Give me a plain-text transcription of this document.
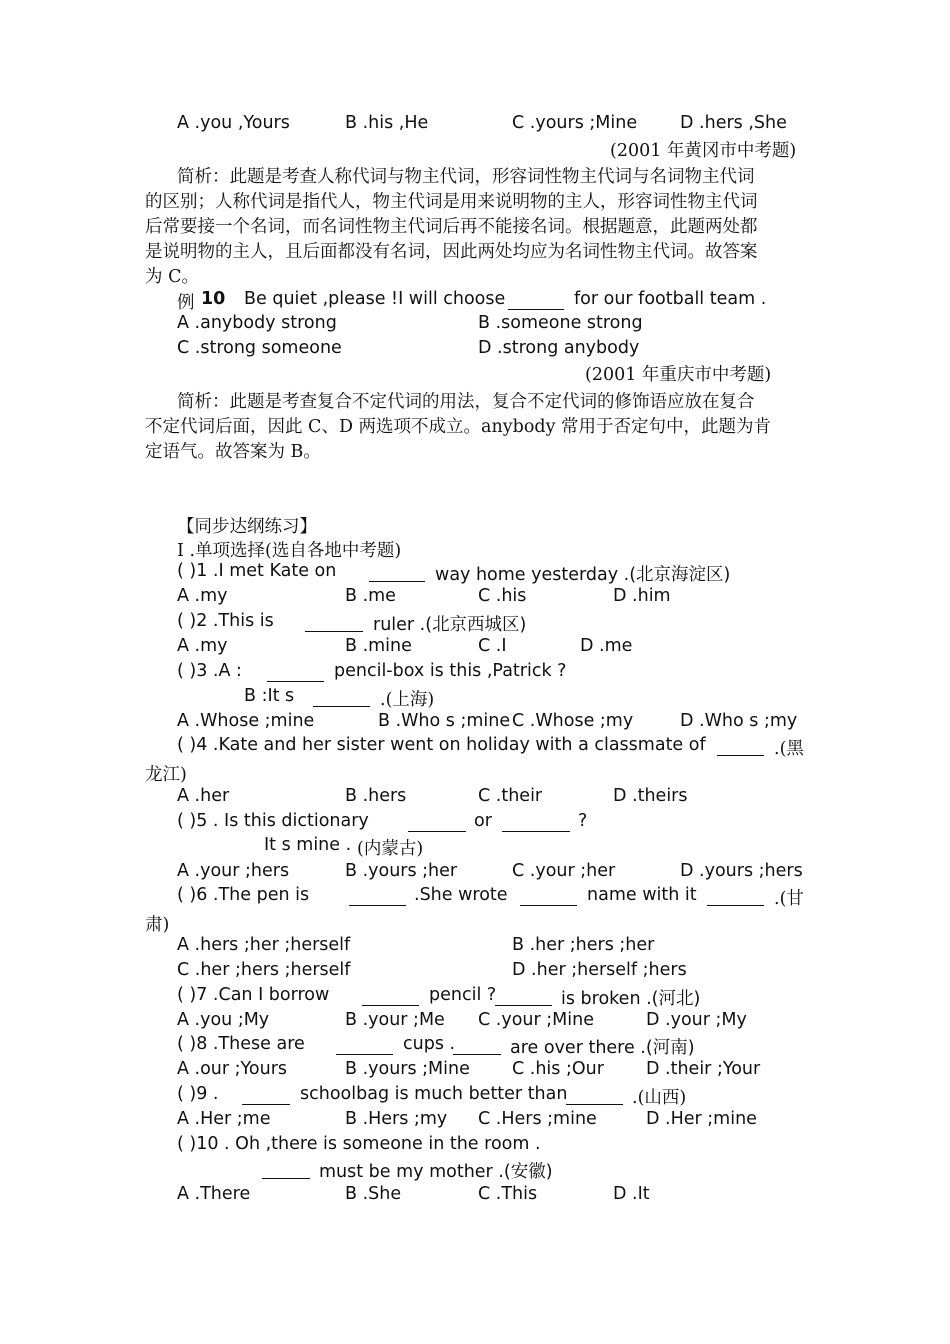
A .you ,Yours	B .his ,He	C .yours ;Mine D .hers ,She
(2001 年黄冈市中考题)
简析：此题是考查人称代词与物主代词，形容词性物主代词与名词物主代词
的区别；人称代词是指代人，物主代词是用来说明物的主人，形容词性物主代词
后常要接一个名词，而名词性物主代词后再不能接名词。根据题意，此题两处都
是说明物的主人，且后面都没有名词，因此两处均应为名词性物主代词。故答案
为 C。
例 10 Be quiet ,please !I will choose	for our football team .
A .anybody strong	B .someone strong
C .strong someone	D .strong anybody
(2001 年重庆市中考题)
简析：此题是考查复合不定代词的用法，复合不定代词的修饰语应放在复合
不定代词后面，因此 C、D 两选项不成立。anybody 常用于否定句中，此题为肯
定语气。故答案为 B。
【同步达纲练习】
Ⅰ .单项选择(选自各地中考题)
( )1 .I met Kate on	way home yesterday .(北京海淀区)
A .my	B .me	C .his	D .him
( )2 .This is	ruler .(北京西城区)
A .my	B .mine	C .I	D .me
( )3 .A :	pencil-box is this ,Patrick ?
B :It s	.(上海)
A .Whose ;mine	B .Who s ;mine C .Whose ;my	D .Who s ;my
( )4 .Kate and her sister went on holiday with a classmate of	.(黑
龙江)
A .her	B .hers	C .their	D .theirs
( )5 . Is this dictionary	or	?
It s mine . (内蒙古)
A .your ;hers	B .yours ;her	C .your ;her	D .yours ;hers
( )6 .The pen is	.She wrote	name with it	.(甘
肃)
A .hers ;her ;herself	B .her ;hers ;her
C .her ;hers ;herself	D .her ;herself ;hers
( )7 .Can I borrow	pencil ?	is broken .(河北)
A .you ;My	B .your ;Me C .your ;Mine	D .your ;My
( )8 .These are	cups .	are over there .(河南)
A .our ;Yours	B .yours ;Mine C .his ;Our D .their ;Your
( )9 .	schoolbag is much better than	.(山西)
A .Her ;me	B .Hers ;my C .Hers ;mine	D .Her ;mine
( )10 . Oh ,there is someone in the room .
must be my mother .(安徽)
A .There	B .She	C .This	D .It
